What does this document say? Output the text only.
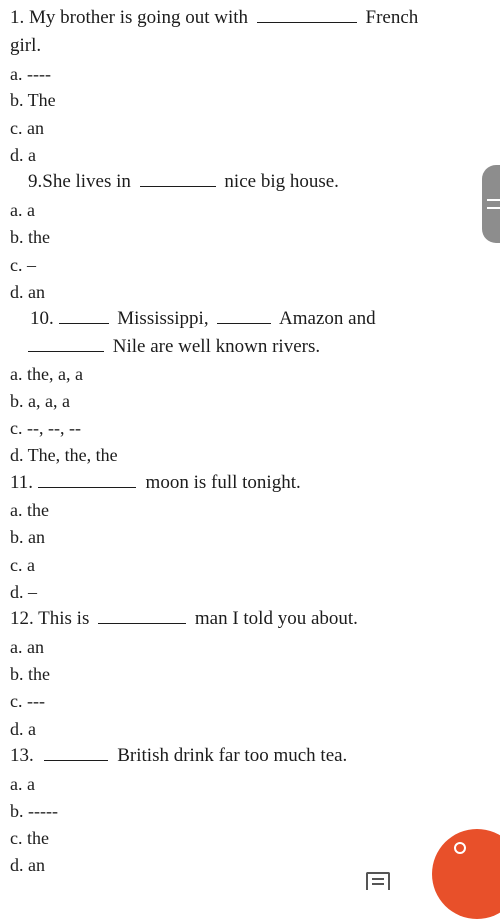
1. My brother is going out with	French
girl.
a. ----
b. The
c. an
d. a
9.She lives in	nice big house.
a. a
b. the
c. –
d. an
10.	Mississippi,	Amazon and
Nile are well known rivers.
a. the, a, a
b. a, a, a
c. --, --, --
d. The, the, the
11.	moon is full tonight.
a. the
b. an
c. a
d. –
12. This is	man I told you about.
a. an
b. the
c. ---
d. a
13.	British drink far too much tea.
a. a
b. -----
c. the
d. an
